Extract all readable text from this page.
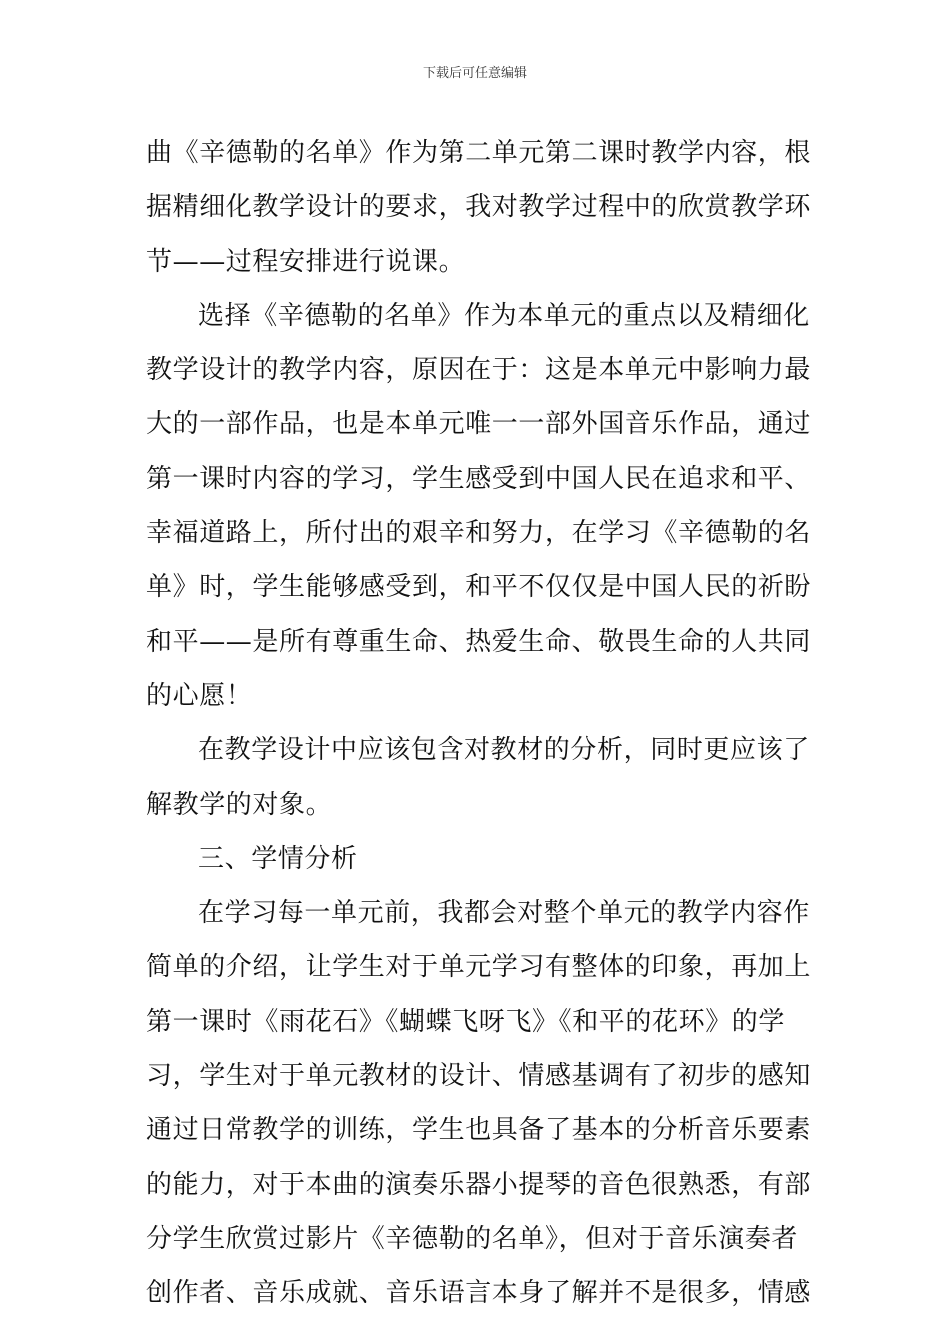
下载后可任意编辑
曲《辛德勒的名单》作为第二单元第二课时教学内容，根
据精细化教学设计的要求，我对教学过程中的欣赏教学环
节——过程安排进行说课。
选择《辛德勒的名单》作为本单元的重点以及精细化
教学设计的教学内容，原因在于：这是本单元中影响力最
大的一部作品，也是本单元唯一一部外国音乐作品，通过
第一课时内容的学习，学生感受到中国人民在追求和平、
幸福道路上，所付出的艰辛和努力，在学习《辛德勒的名
单》时，学生能够感受到，和平不仅仅是中国人民的祈盼
和平——是所有尊重生命、热爱生命、敬畏生命的人共同
的心愿！
在教学设计中应该包含对教材的分析，同时更应该了
解教学的对象。
三、学情分析
在学习每一单元前，我都会对整个单元的教学内容作
简单的介绍，让学生对于单元学习有整体的印象，再加上
第一课时《雨花石》《蝴蝶飞呀飞》《和平的花环》的学
习，学生对于单元教材的设计、情感基调有了初步的感知
通过日常教学的训练，学生也具备了基本的分析音乐要素
的能力，对于本曲的演奏乐器小提琴的音色很熟悉，有部
分学生欣赏过影片《辛德勒的名单》，但对于音乐演奏者
创作者、音乐成就、音乐语言本身了解并不是很多，情感
